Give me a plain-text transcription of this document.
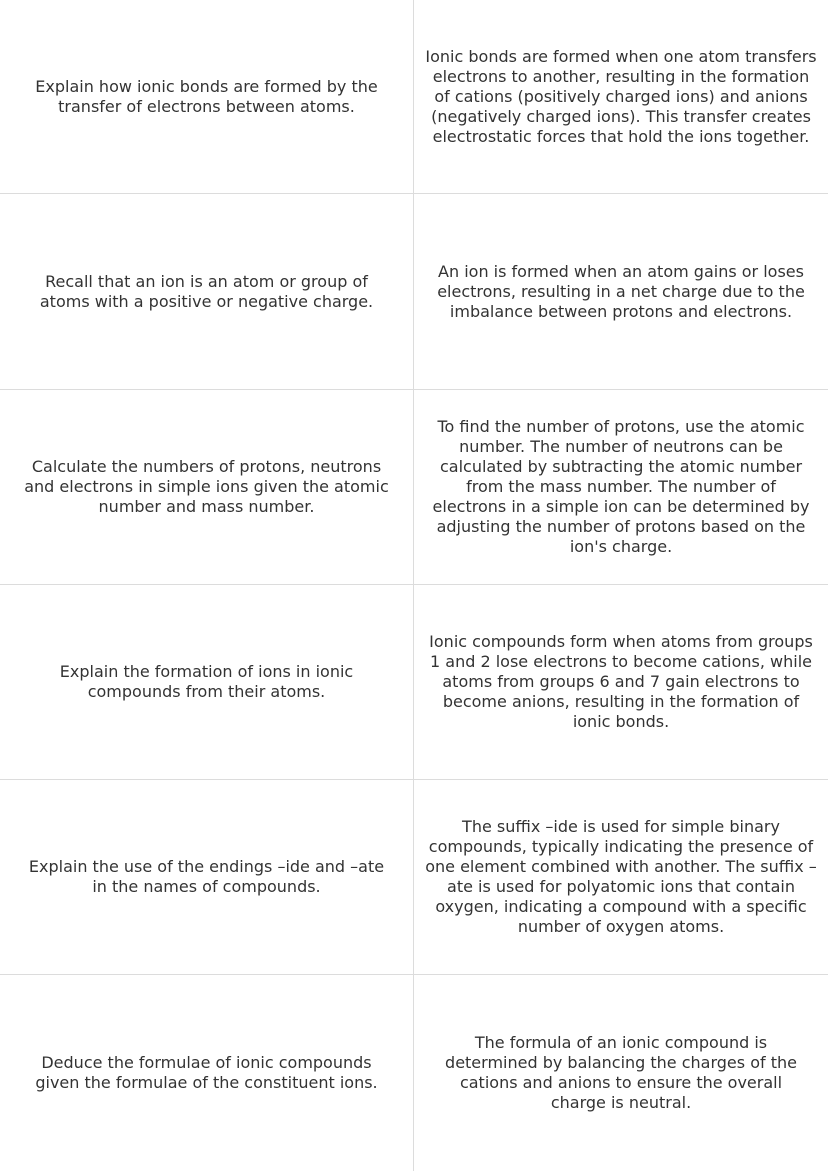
Explain how ionic bonds are formed by the transfer of electrons between atoms.
Ionic bonds are formed when one atom transfers electrons to another, resulting in the formation of cations (positively charged ions) and anions (negatively charged ions). This transfer creates electrostatic forces that hold the ions together.
Recall that an ion is an atom or group of atoms with a positive or negative charge.
An ion is formed when an atom gains or loses electrons, resulting in a net charge due to the imbalance between protons and electrons.
Calculate the numbers of protons, neutrons and electrons in simple ions given the atomic number and mass number.
To find the number of protons, use the atomic number. The number of neutrons can be calculated by subtracting the atomic number from the mass number. The number of electrons in a simple ion can be determined by adjusting the number of protons based on the ion's charge.
Explain the formation of ions in ionic compounds from their atoms.
Ionic compounds form when atoms from groups 1 and 2 lose electrons to become cations, while atoms from groups 6 and 7 gain electrons to become anions, resulting in the formation of ionic bonds.
Explain the use of the endings –ide and –ate in the names of compounds.
The suffix –ide is used for simple binary compounds, typically indicating the presence of one element combined with another. The suffix –ate is used for polyatomic ions that contain oxygen, indicating a compound with a specific number of oxygen atoms.
Deduce the formulae of ionic compounds given the formulae of the constituent ions.
The formula of an ionic compound is determined by balancing the charges of the cations and anions to ensure the overall charge is neutral.
